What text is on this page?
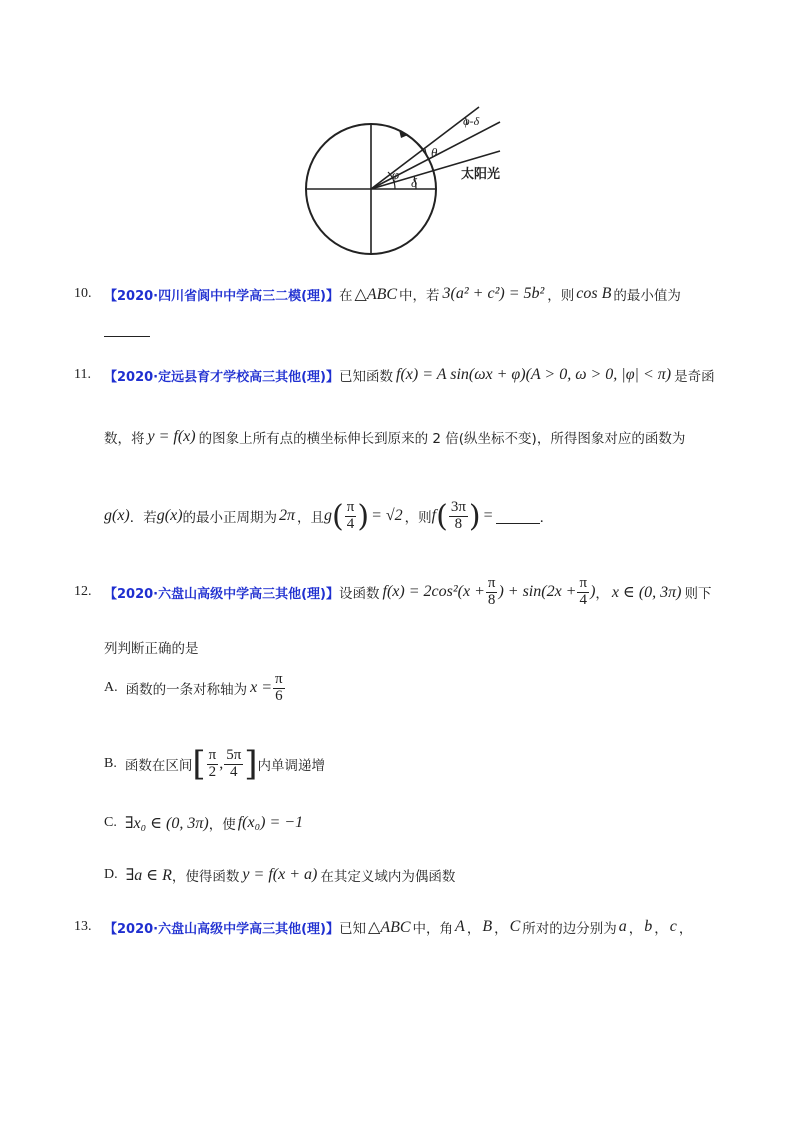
φ-δ
θ
φ
δ
太阳光
10. 【2020·四川省阆中中学高三二模(理)】 在 △ABC 中，若 3(a² + c²) = 5b² ，则 cos B 的最小值为
11.	【2020·定远县育才学校高三其他(理)】 已知函数 f(x) = A sin(ωx + φ)(A > 0, ω > 0, |φ| < π) 是奇函
数，将 y = f(x) 的图象上所有点的横坐标伸长到原来的 2 倍(纵坐标不变)，所得图象对应的函数为
g(x) ．若 g(x) 的最小正周期为 2π ，且 g ( $\frac{\pi}{4}$ ) = √2 ，则 f ( $\frac{3\pi}{8}$ ) =	．
12. 【2020·六盘山高级中学高三其他(理)】 设函数 $f(x) = 2\cos^2(x + \frac{\pi}{8}$ ) + $\sin(2x + \frac{\pi}{4}$ ) ， x ∈ (0, 3π) 则下
列判断正确的是
A. 函数的一条对称轴为 $x = \frac{\pi}{6}$
B. 函数在区间 [ $\frac{\pi}{2}$ , $\frac{5\pi}{4}$ ] 内单调递增
C. ∃x₀ ∈ (0, 3π) ，使 f(x₀) = −1
D. ∃a ∈ R ，使得函数 y = f(x + a) 在其定义域内为偶函数
13. 【2020·六盘山高级中学高三其他(理)】 已知 △ABC 中，角 A ， B ， C 所对的边分别为 a ， b ， c ，
